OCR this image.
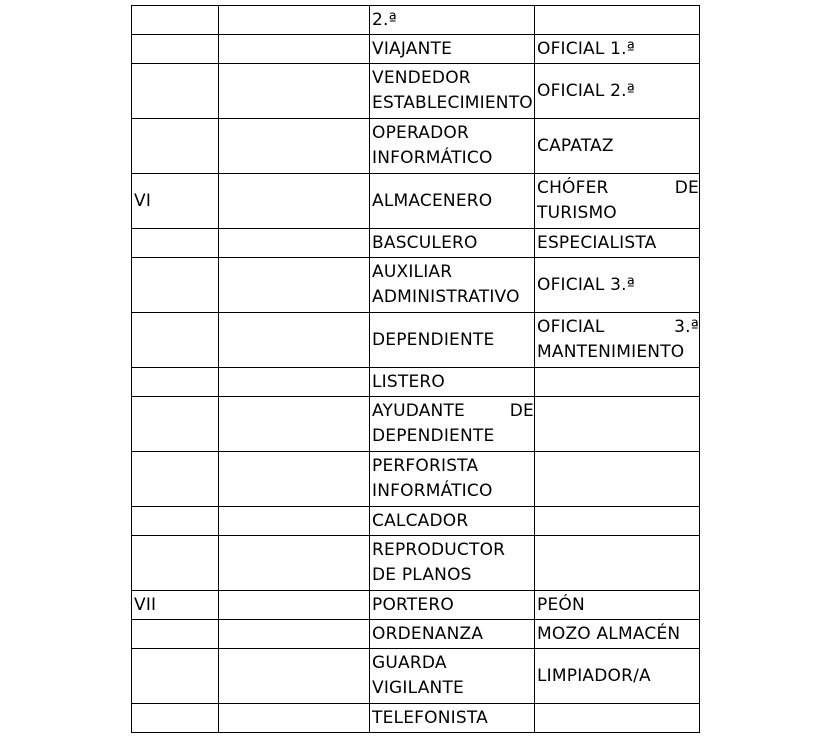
		2.ª	
		VIAJANTE	OFICIAL 1.ª
		VENDEDOR ESTABLECIMIENTO	OFICIAL 2.ª
		OPERADOR INFORMÁTICO	CAPATAZ
VI		ALMACENERO	CHÓFER DE TURISMO
		BASCULERO	ESPECIALISTA
		AUXILIAR ADMINISTRATIVO	OFICIAL 3.ª
		DEPENDIENTE	OFICIAL 3.ª MANTENIMIENTO
		LISTERO	
		AYUDANTE DE DEPENDIENTE	
		PERFORISTA INFORMÁTICO	
		CALCADOR	
		REPRODUCTOR DE PLANOS	
VII		PORTERO	PEÓN
		ORDENANZA	MOZO ALMACÉN
		GUARDA VIGILANTE	LIMPIADOR/A
		TELEFONISTA	
